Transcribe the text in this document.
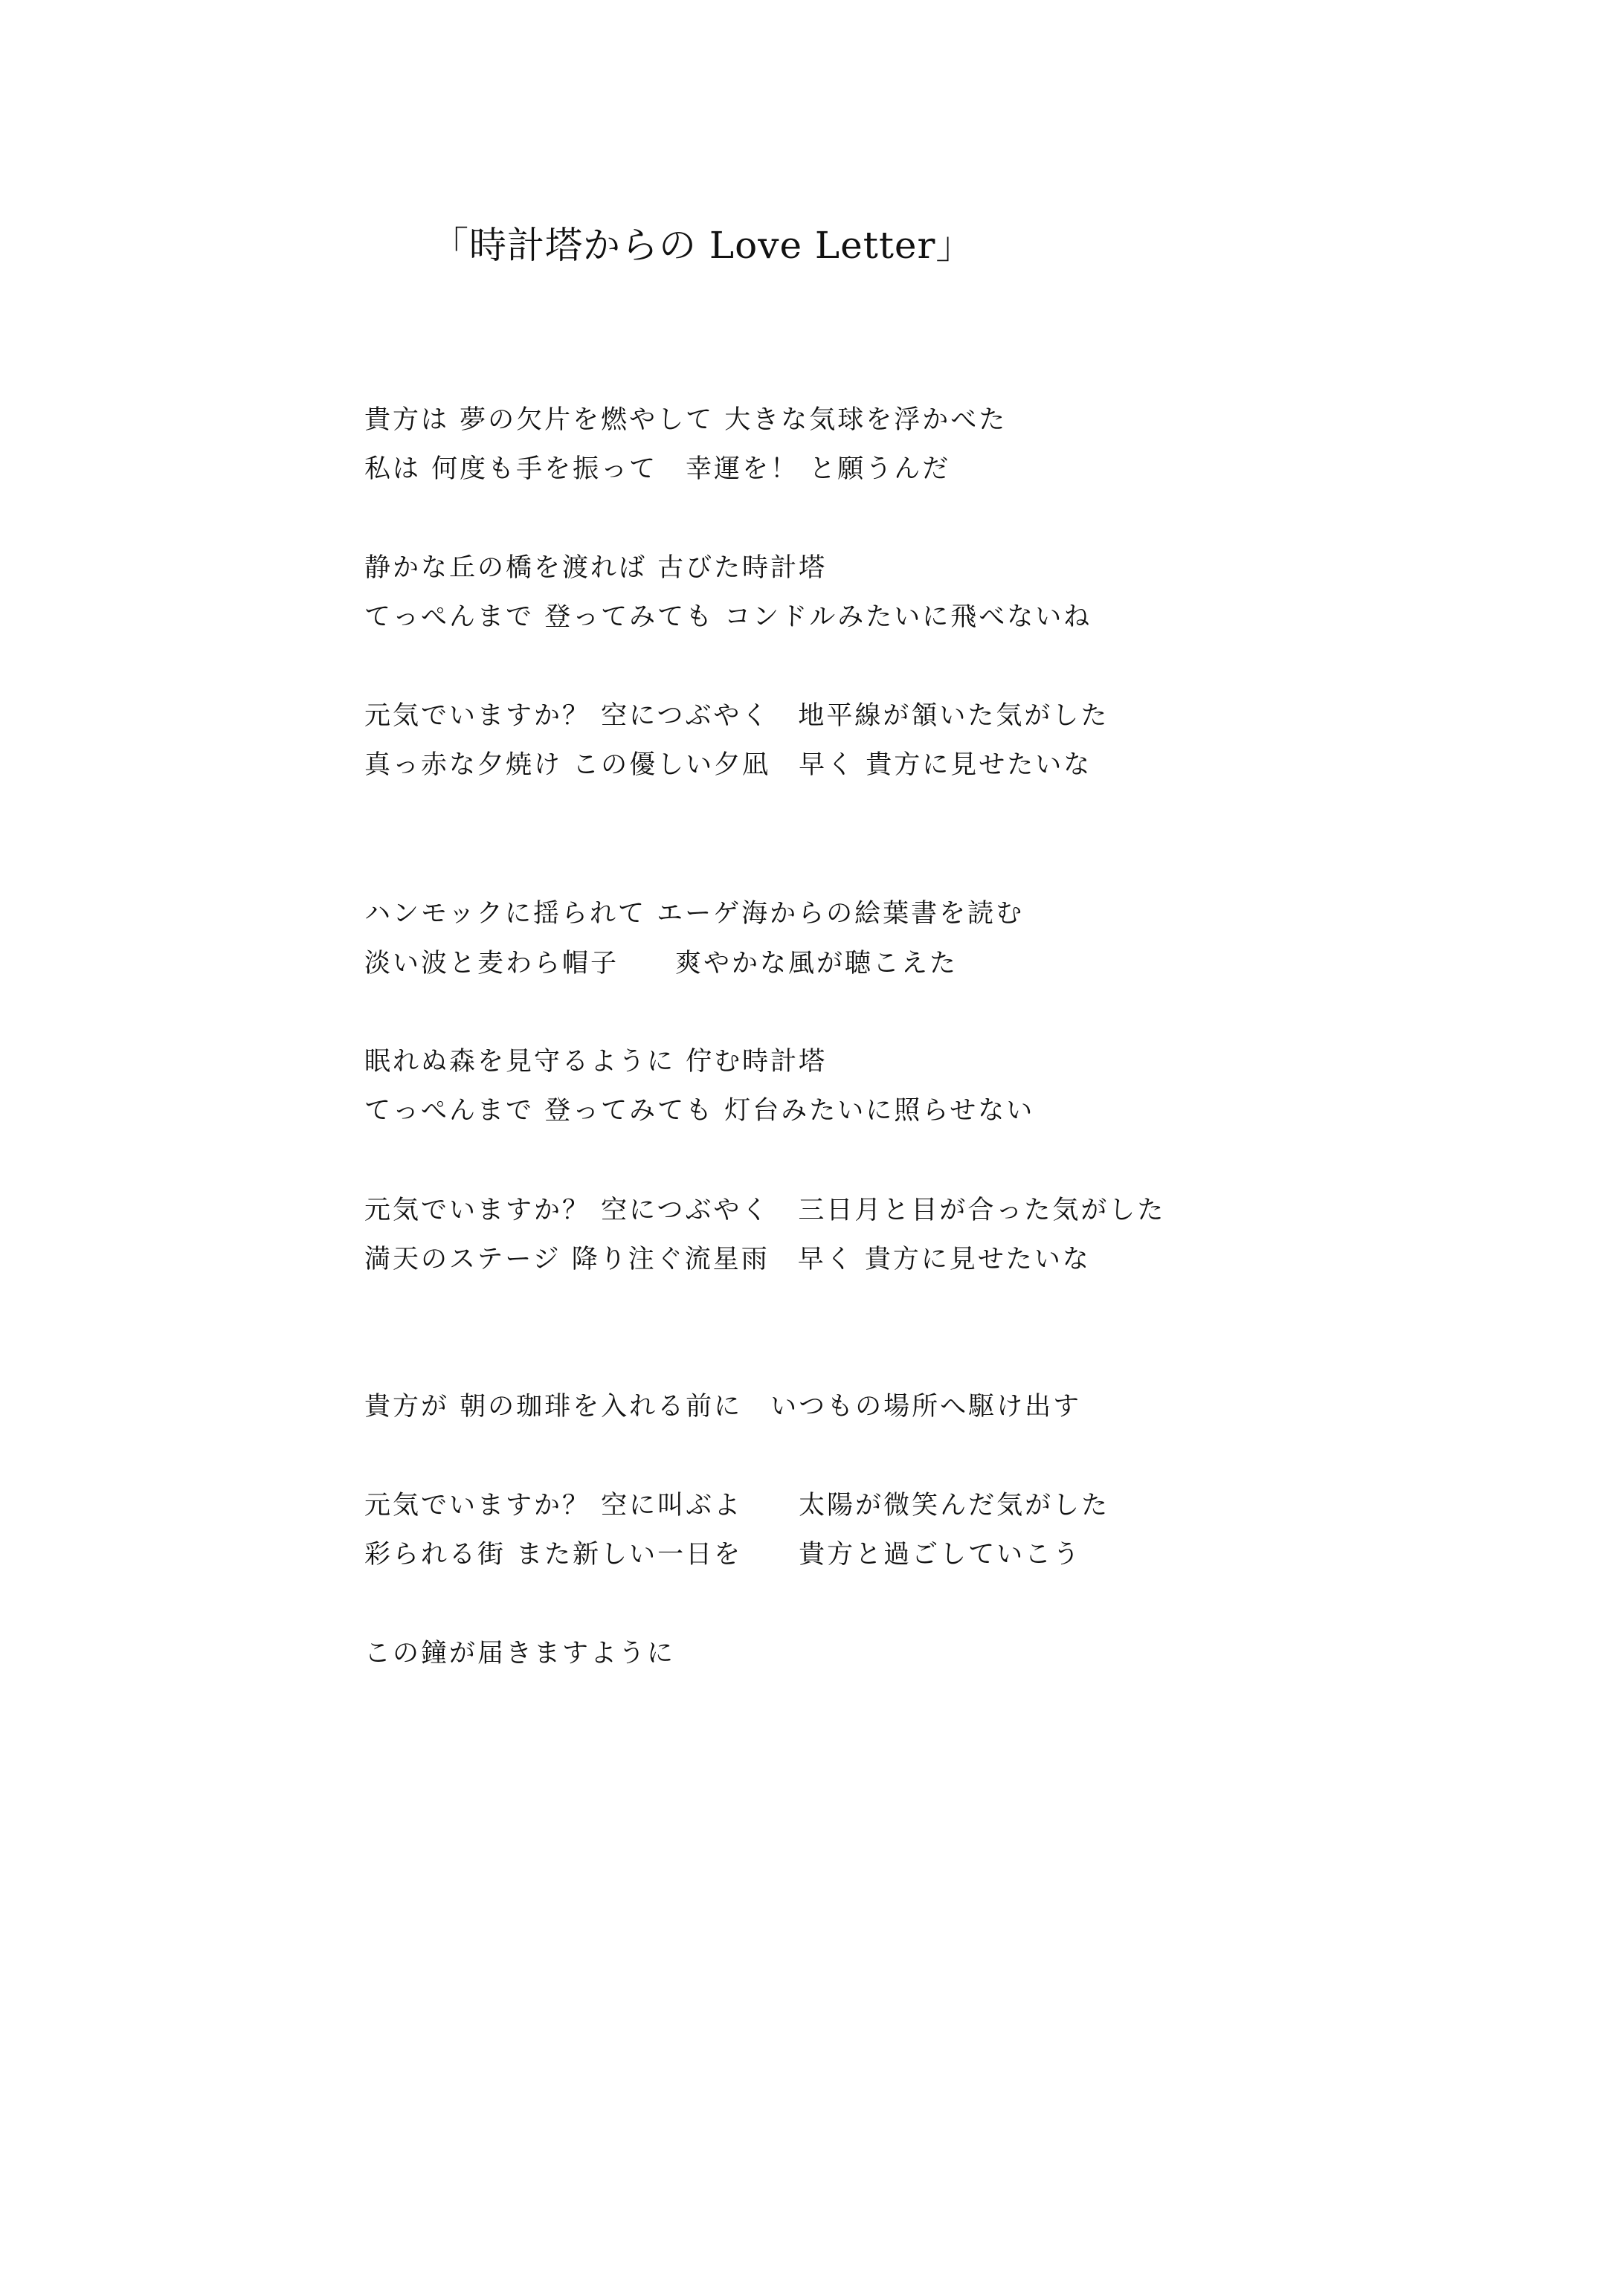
「時計塔からの Love Letter」
貴方は 夢の欠片を燃やして 大きな気球を浮かべた
私は 何度も手を振って　幸運を！ と願うんだ
静かな丘の橋を渡れば 古びた時計塔
てっぺんまで 登ってみても コンドルみたいに飛べないね
元気でいますか？ 空につぶやく　地平線が頷いた気がした
真っ赤な夕焼け この優しい夕凪　早く 貴方に見せたいな
ハンモックに揺られて エーゲ海からの絵葉書を読む
淡い波と麦わら帽子　　爽やかな風が聴こえた
眠れぬ森を見守るように 佇む時計塔
てっぺんまで 登ってみても 灯台みたいに照らせない
元気でいますか？ 空につぶやく　三日月と目が合った気がした
満天のステージ 降り注ぐ流星雨　早く 貴方に見せたいな
貴方が 朝の珈琲を入れる前に　いつもの場所へ駆け出す
元気でいますか？ 空に叫ぶよ　　太陽が微笑んだ気がした
彩られる街 また新しい一日を　　貴方と過ごしていこう
この鐘が届きますように
